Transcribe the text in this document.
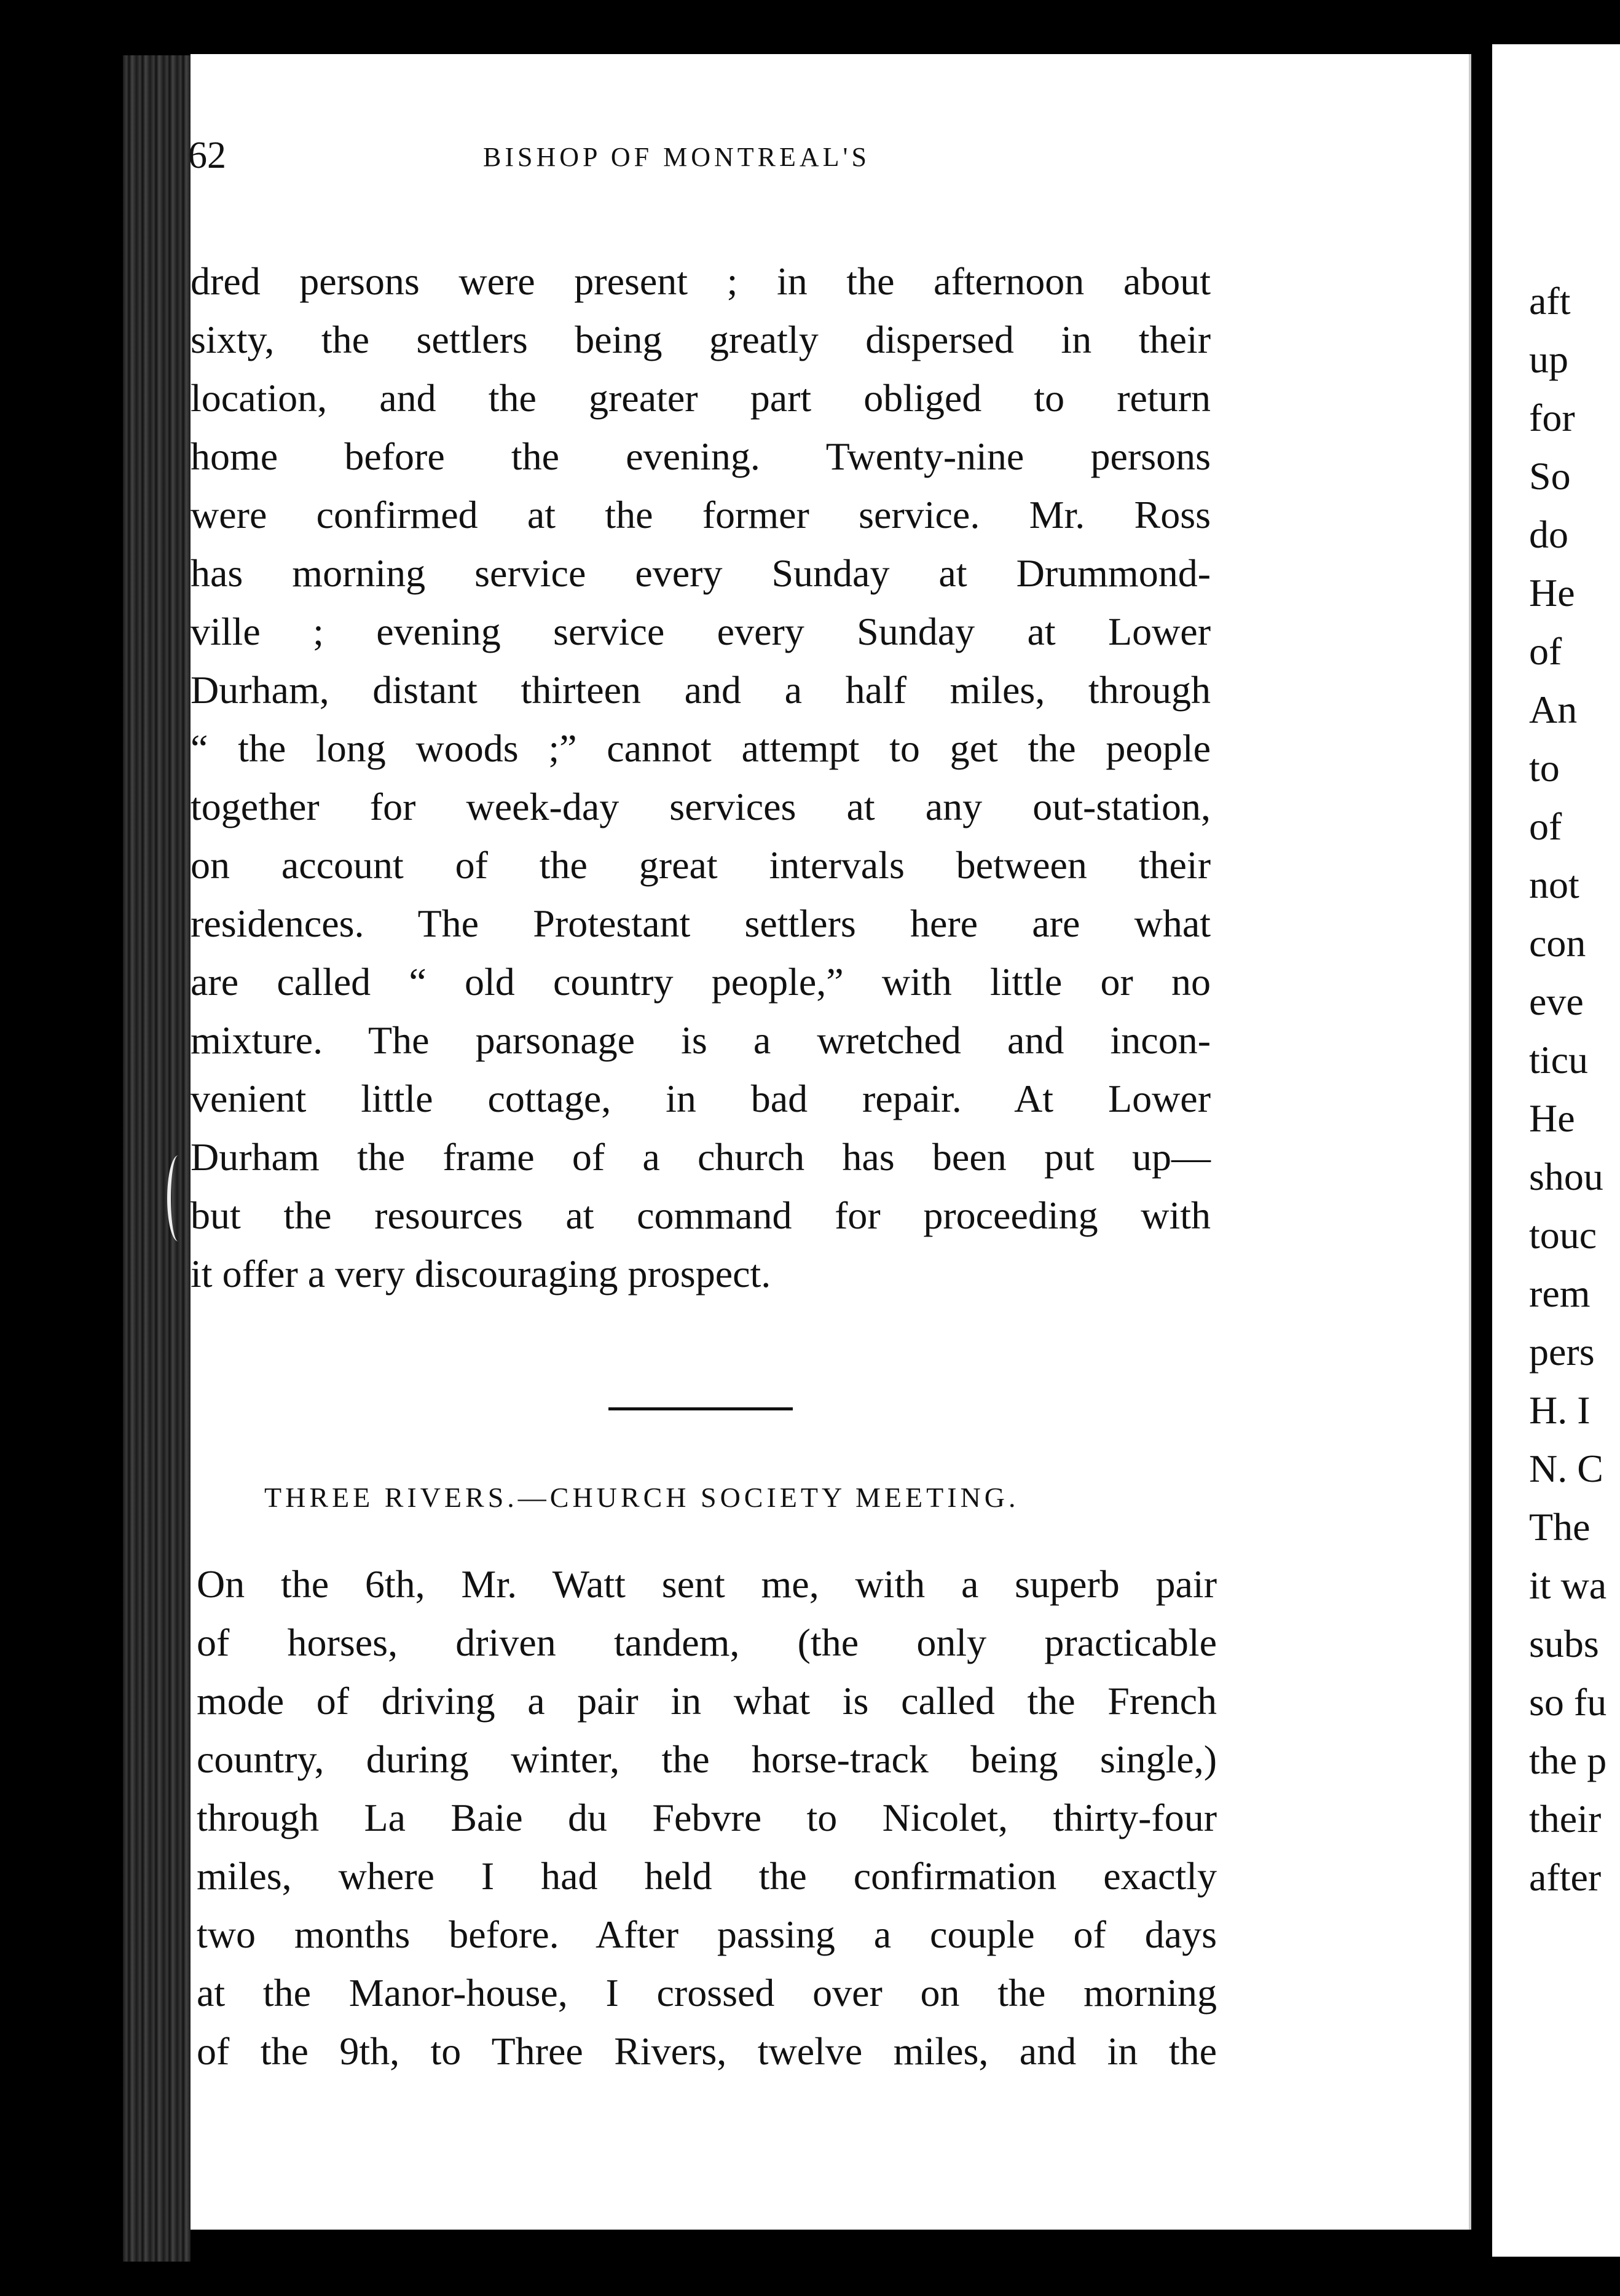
62	BISHOP OF MONTREAL'S
dred persons were present ; in the afternoon about
sixty, the settlers being greatly dispersed in their
location, and the greater part obliged to return
home before the evening. Twenty-nine persons
were confirmed at the former service. Mr. Ross
has morning service every Sunday at Drummond-
ville ; evening service every Sunday at Lower
Durham, distant thirteen and a half miles, through
“ the long woods ;” cannot attempt to get the people
together for week-day services at any out-station,
on account of the great intervals between their
residences. The Protestant settlers here are what
are called “ old country people,” with little or no
mixture. The parsonage is a wretched and incon-
venient little cottage, in bad repair. At Lower
Durham the frame of a church has been put up—
but the resources at command for proceeding with
it offer a very discouraging prospect.
THREE RIVERS.—CHURCH SOCIETY MEETING.
On the 6th, Mr. Watt sent me, with a superb pair
of horses, driven tandem, (the only practicable
mode of driving a pair in what is called the French
country, during winter, the horse-track being single,)
through La Baie du Febvre to Nicolet, thirty-four
miles, where I had held the confirmation exactly
two months before. After passing a couple of days
at the Manor-house, I crossed over on the morning
of the 9th, to Three Rivers, twelve miles, and in the
aft
up
for
So
do
He
of
An
to
of
not
con
eve
ticu
He
shou
touc
rem
pers
H. I
N. C
The
it wa
subs
so fu
the p
their
after
